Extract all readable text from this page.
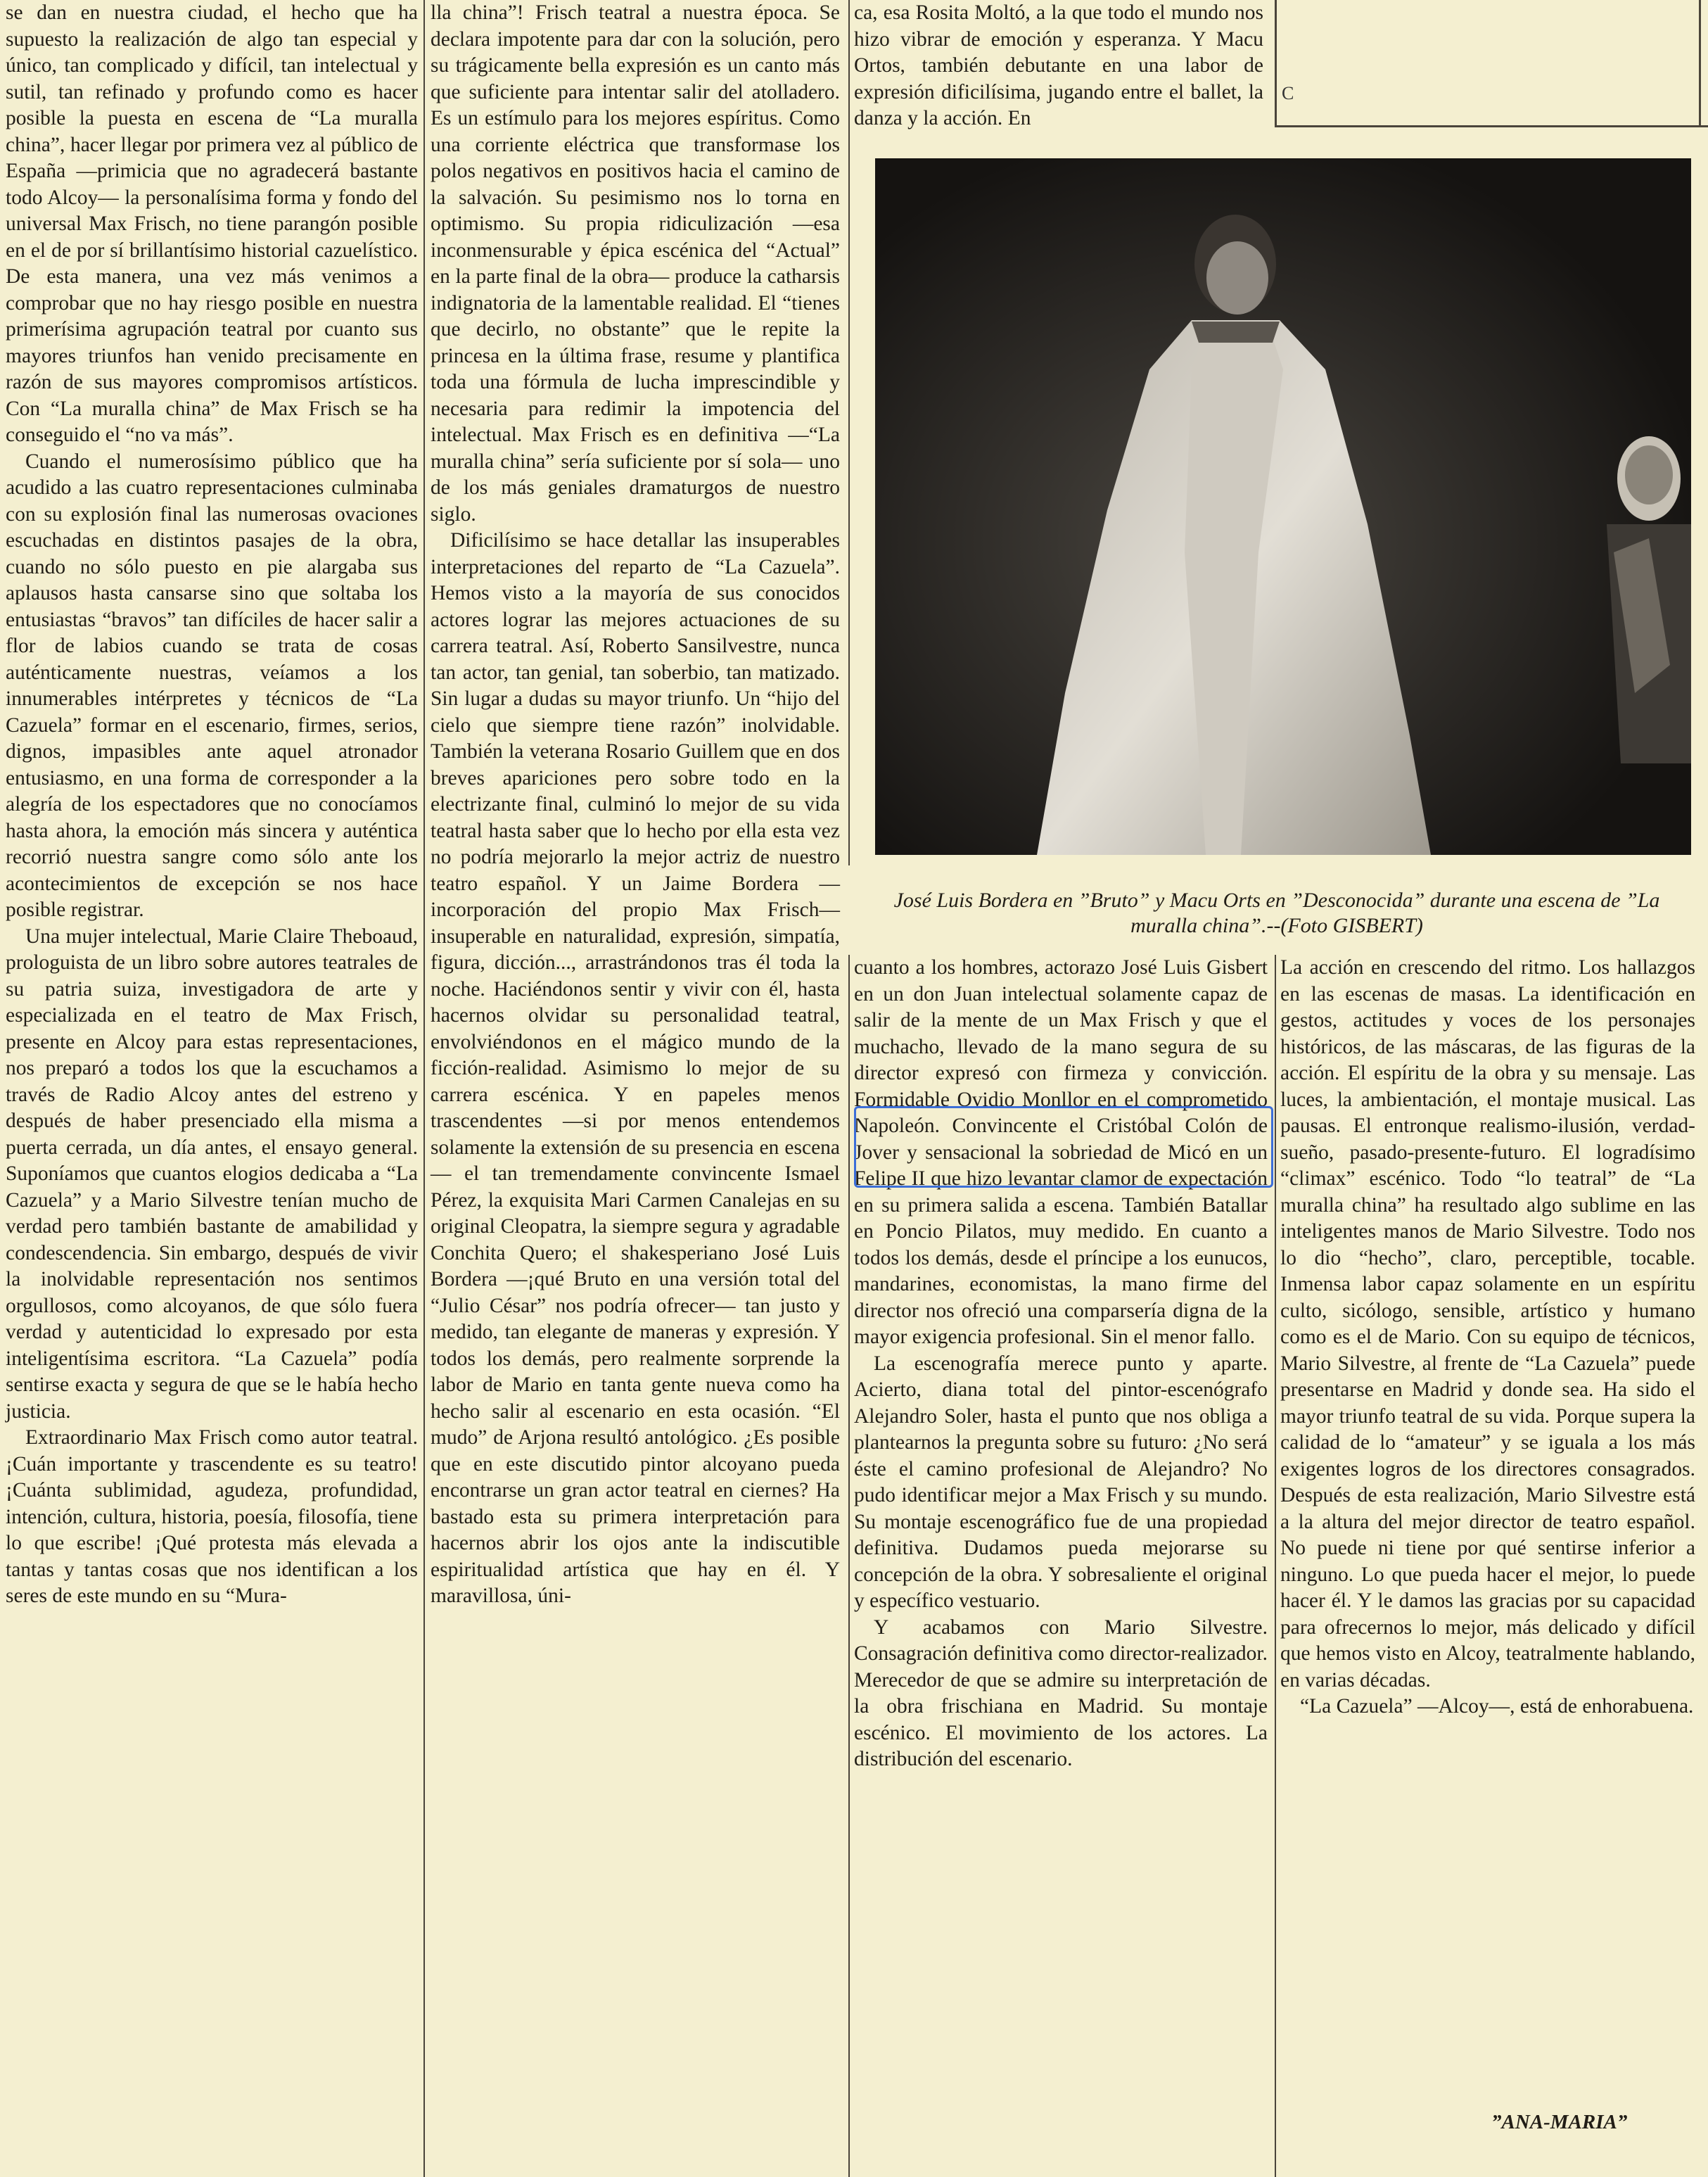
C

se dan en nuestra ciudad, el hecho que ha supuesto la realización de algo tan especial y único, tan complicado y difícil, tan intelectual y sutil, tan refinado y profundo como es hacer posible la puesta en escena de “La muralla china”, hacer llegar por primera vez al público de España —primicia que no agradecerá bastante todo Alcoy— la personalísima forma y fondo del universal Max Frisch, no tiene parangón posible en el de por sí brillantísimo historial cazuelístico. De esta manera, una vez más venimos a comprobar que no hay riesgo posible en nuestra primerísima agrupación teatral por cuanto sus mayores triunfos han venido precisamente en razón de sus mayores compromisos artísticos. Con “La muralla china” de Max Frisch se ha conseguido el “no va más”.

Cuando el numerosísimo público que ha acudido a las cuatro representaciones culminaba con su explosión final las numerosas ovaciones escuchadas en distintos pasajes de la obra, cuando no sólo puesto en pie alargaba sus aplausos hasta cansarse sino que soltaba los entusiastas “bravos” tan difíciles de hacer salir a flor de labios cuando se trata de cosas auténticamente nuestras, veíamos a los innumerables intérpretes y técnicos de “La Cazuela” formar en el escenario, firmes, serios, dignos, impasibles ante aquel atronador entusiasmo, en una forma de corresponder a la alegría de los espectadores que no conocíamos hasta ahora, la emoción más sincera y auténtica recorrió nuestra sangre como sólo ante los acontecimientos de excepción se nos hace posible registrar.

Una mujer intelectual, Marie Claire Theboaud, prologuista de un libro sobre autores teatrales de su patria suiza, investigadora de arte y especializada en el teatro de Max Frisch, presente en Alcoy para estas representaciones, nos preparó a todos los que la escuchamos a través de Radio Alcoy antes del estreno y después de haber presenciado ella misma a puerta cerrada, un día antes, el ensayo general. Suponíamos que cuantos elogios dedicaba a “La Cazuela” y a Mario Silvestre tenían mucho de verdad pero también bastante de amabilidad y condescendencia. Sin embargo, después de vivir la inolvidable representación nos sentimos orgullosos, como alcoyanos, de que sólo fuera verdad y autenticidad lo expresado por esta inteligentísima escritora. “La Cazuela” podía sentirse exacta y segura de que se le había hecho justicia.

Extraordinario Max Frisch como autor teatral. ¡Cuán importante y trascendente es su teatro! ¡Cuánta sublimidad, agudeza, profundidad, intención, cultura, historia, poesía, filosofía, tiene lo que escribe! ¡Qué protesta más elevada a tantas y tantas cosas que nos identifican a los seres de este mundo en su “Mura-

lla china”! Frisch teatral a nuestra época. Se declara impotente para dar con la solución, pero su trágicamente bella expresión es un canto más que suficiente para intentar salir del atolladero. Es un estímulo para los mejores espíritus. Como una corriente eléctrica que transformase los polos negativos en positivos hacia el camino de la salvación. Su pesimismo nos lo torna en optimismo. Su propia ridiculización —esa inconmensurable y épica escénica del “Actual” en la parte final de la obra— produce la catharsis indignatoria de la lamentable realidad. El “tienes que decirlo, no obstante” que le repite la princesa en la última frase, resume y plantifica toda una fórmula de lucha imprescindible y necesaria para redimir la impotencia del intelectual. Max Frisch es en definitiva —“La muralla china” sería suficiente por sí sola— uno de los más geniales dramaturgos de nuestro siglo.

Dificilísimo se hace detallar las insuperables interpretaciones del reparto de “La Cazuela”. Hemos visto a la mayoría de sus conocidos actores lograr las mejores actuaciones de su carrera teatral. Así, Roberto Sansilvestre, nunca tan actor, tan genial, tan soberbio, tan matizado. Sin lugar a dudas su mayor triunfo. Un “hijo del cielo que siempre tiene razón” inolvidable. También la veterana Rosario Guillem que en dos breves apariciones pero sobre todo en la electrizante final, culminó lo mejor de su vida teatral hasta saber que lo hecho por ella esta vez no podría mejorarlo la mejor actriz de nuestro teatro español. Y un Jaime Bordera —incorporación del propio Max Frisch— insuperable en naturalidad, expresión, simpatía, figura, dicción..., arrastrándonos tras él toda la noche. Haciéndonos sentir y vivir con él, hasta hacernos olvidar su personalidad teatral, envolviéndonos en el mágico mundo de la ficción-realidad. Asimismo lo mejor de su carrera escénica. Y en papeles menos trascendentes —si por menos entendemos solamente la extensión de su presencia en escena— el tan tremendamente convincente Ismael Pérez, la exquisita Mari Carmen Canalejas en su original Cleopatra, la siempre segura y agradable Conchita Quero; el shakesperiano José Luis Bordera —¡qué Bruto en una versión total del “Julio César” nos podría ofrecer— tan justo y medido, tan elegante de maneras y expresión. Y todos los demás, pero realmente sorprende la labor de Mario en tanta gente nueva como ha hecho salir al escenario en esta ocasión. “El mudo” de Arjona resultó antológico. ¿Es posible que en este discutido pintor alcoyano pueda encontrarse un gran actor teatral en ciernes? Ha bastado esta su primera interpretación para hacernos abrir los ojos ante la indiscutible espiritualidad artística que hay en él. Y maravillosa, úni-

ca, esa Rosita Moltó, a la que todo el mundo nos hizo vibrar de emoción y esperanza. Y Macu Ortos, también debutante en una labor de expresión dificilísima, jugando entre el ballet, la danza y la acción. En

José Luis Bordera en ”Bruto” y Macu Orts en ”Desconocida” durante una escena de ”La muralla china”.--(Foto GISBERT)

cuanto a los hombres, actorazo José Luis Gisbert en un don Juan intelectual solamente capaz de salir de la mente de un Max Frisch y que el muchacho, llevado de la mano segura de su director expresó con firmeza y convicción. Formidable Ovidio Monllor en el comprometido Napoleón. Convincente el Cristóbal Colón de Jover y sensacional la sobriedad de Micó en un Felipe II que hizo levantar clamor de expectación en su primera salida a escena. También Batallar en Poncio Pilatos, muy medido. En cuanto a todos los demás, desde el príncipe a los eunucos, mandarines, economistas, la mano firme del director nos ofreció una comparsería digna de la mayor exigencia profesional. Sin el menor fallo.

La escenografía merece punto y aparte. Acierto, diana total del pintor-escenógrafo Alejandro Soler, hasta el punto que nos obliga a plantearnos la pregunta sobre su futuro: ¿No será éste el camino profesional de Alejandro? No pudo identificar mejor a Max Frisch y su mundo. Su montaje escenográfico fue de una propiedad definitiva. Dudamos pueda mejorarse su concepción de la obra. Y sobresaliente el original y específico vestuario.

Y acabamos con Mario Silvestre. Consagración definitiva como director-realizador. Merecedor de que se admire su interpretación de la obra frischiana en Madrid. Su montaje escénico. El movimiento de los actores. La distribución del escenario.

La acción en crescendo del ritmo. Los hallazgos en las escenas de masas. La identificación en gestos, actitudes y voces de los personajes históricos, de las máscaras, de las figuras de la acción. El espíritu de la obra y su mensaje. Las luces, la ambientación, el montaje musical. Las pausas. El entronque realismo-ilusión, verdad-sueño, pasado-presente-futuro. El logradísimo “climax” escénico. Todo “lo teatral” de “La muralla china” ha resultado algo sublime en las inteligentes manos de Mario Silvestre. Todo nos lo dio “hecho”, claro, perceptible, tocable. Inmensa labor capaz solamente en un espíritu culto, sicólogo, sensible, artístico y humano como es el de Mario. Con su equipo de técnicos, Mario Silvestre, al frente de “La Cazuela” puede presentarse en Madrid y donde sea. Ha sido el mayor triunfo teatral de su vida. Porque supera la calidad de lo “amateur” y se iguala a los más exigentes logros de los directores consagrados. Después de esta realización, Mario Silvestre está a la altura del mejor director de teatro español. No puede ni tiene por qué sentirse inferior a ninguno. Lo que pueda hacer el mejor, lo puede hacer él. Y le damos las gracias por su capacidad para ofrecernos lo mejor, más delicado y difícil que hemos visto en Alcoy, teatralmente hablando, en varias décadas.

“La Cazuela” —Alcoy—, está de enhorabuena.

”ANA-MARIA”
